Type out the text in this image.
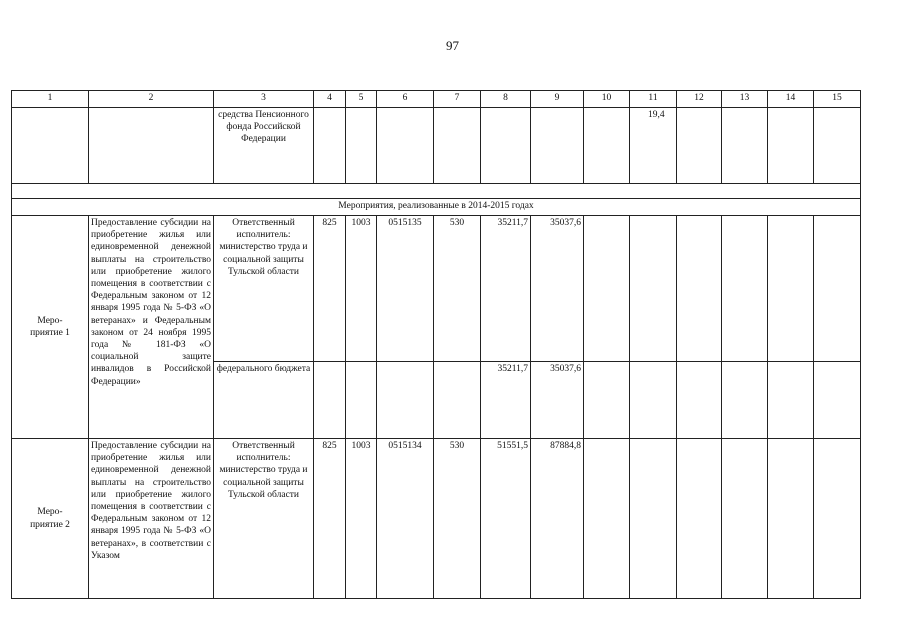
97
1	2	3	4	5	6	7	8	9	10	11	12	13	14	15
		средства Пенсионного фонда Российской Федерации								19,4				

Мероприятия, реализованные в 2014-2015 годах														
Меро-
приятие 1	Предоставление субсидии на приобретение жилья или единовременной денежной выплаты на строительство или приобретение жилого помещения в соответствии с Федеральным законом от 12 января 1995 года № 5-ФЗ «О ветеранах» и Федеральным законом от 24 ноября 1995 года № 181-ФЗ «О социальной защите инвалидов в Российской Федерации»	Ответственный исполнитель: министерство труда и социальной защиты Тульской области	825	1003	0515135	530	35211,7	35037,6						
		федерального бюджета					35211,7	35037,6						
Меро-
приятие 2	Предоставление субсидии на приобретение жилья или единовременной денежной выплаты на строительство или приобретение жилого помещения в соответствии с Федеральным законом от 12 января 1995 года № 5-ФЗ «О ветеранах», в соответствии с Указом	Ответственный исполнитель: министерство труда и социальной защиты Тульской области	825	1003	0515134	530	51551,5	87884,8						
